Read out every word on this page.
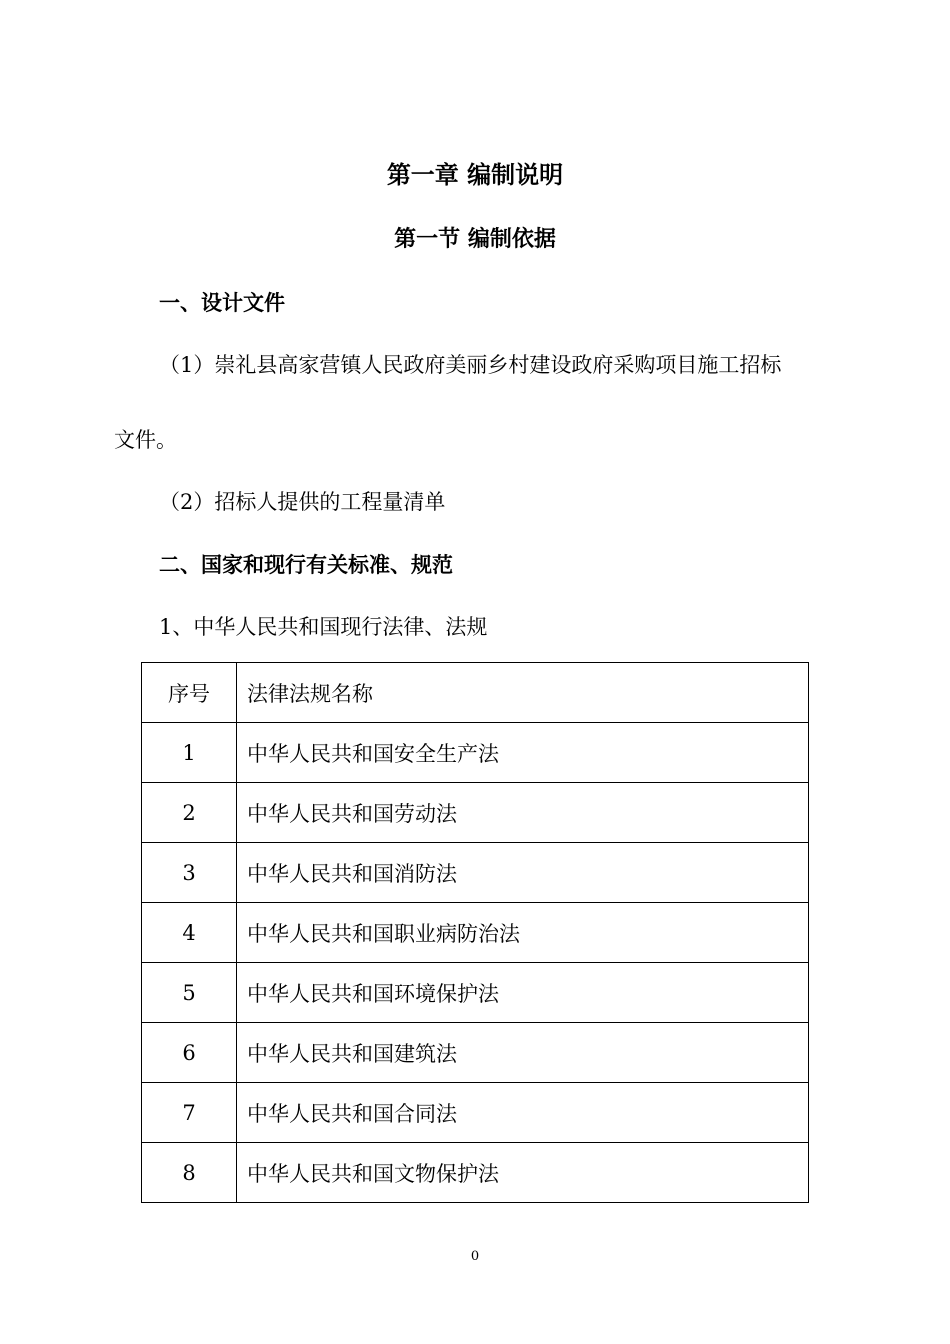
第一章 编制说明
第一节 编制依据
一、设计文件
（1）崇礼县高家营镇人民政府美丽乡村建设政府采购项目施工招标
文件。
（2）招标人提供的工程量清单
二、国家和现行有关标准、规范
1、中华人民共和国现行法律、法规
序号	法律法规名称
1	中华人民共和国安全生产法
2	中华人民共和国劳动法
3	中华人民共和国消防法
4	中华人民共和国职业病防治法
5	中华人民共和国环境保护法
6	中华人民共和国建筑法
7	中华人民共和国合同法
8	中华人民共和国文物保护法
0
